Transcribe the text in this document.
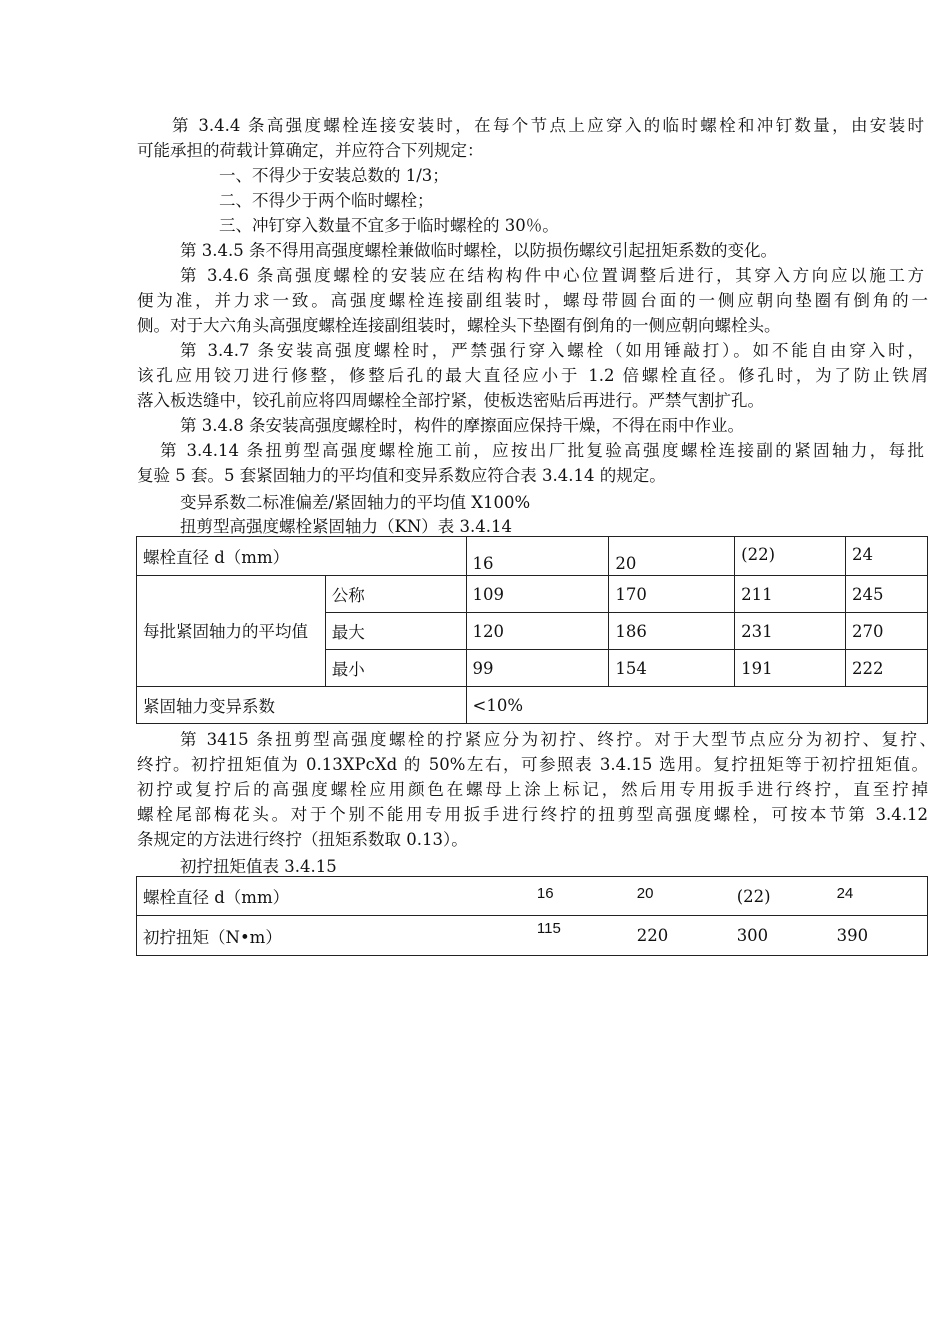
第 3.4.4 条高强度螺栓连接安装时，在每个节点上应穿入的临时螺栓和冲钉数量，由安装时

可能承担的荷载计算确定，并应符合下列规定：

一、不得少于安装总数的 1/3；

二、不得少于两个临时螺栓；

三、冲钉穿入数量不宜多于临时螺栓的 30％。

第 3.4.5 条不得用高强度螺栓兼做临时螺栓，以防损伤螺纹引起扭矩系数的变化。

第 3.4.6 条高强度螺栓的安装应在结构构件中心位置调整后进行，其穿入方向应以施工方

便为准，并力求一致。高强度螺栓连接副组装时，螺母带圆台面的一侧应朝向垫圈有倒角的一

侧。对于大六角头高强度螺栓连接副组装时，螺栓头下垫圈有倒角的一侧应朝向螺栓头。

第 3.4.7 条安装高强度螺栓时，严禁强行穿入螺栓（如用锤敲打）。如不能自由穿入时，

该孔应用铰刀进行修整，修整后孔的最大直径应小于 1.2 倍螺栓直径。修孔时，为了防止铁屑

落入板迭缝中，铰孔前应将四周螺栓全部拧紧，使板迭密贴后再进行。严禁气割扩孔。

第 3.4.8 条安装高强度螺栓时，构件的摩擦面应保持干燥，不得在雨中作业。

第 3.4.14 条扭剪型高强度螺栓施工前，应按出厂批复验高强度螺栓连接副的紧固轴力，每批

复验 5 套。5 套紧固轴力的平均值和变异系数应符合表 3.4.14 的规定。

变异系数二标准偏差/紧固轴力的平均值 X100%

扭剪型高强度螺栓紧固轴力（KN）表 3.4.14

螺栓直径 d（mm）		16	20	(22)	24
每批紧固轴力的平均值	公称	109	170	211	245
	最大	120	186	231	270
	最小	99	154	191	222
紧固轴力变异系数		<10%			

第 3415 条扭剪型高强度螺栓的拧紧应分为初拧、终拧。对于大型节点应分为初拧、复拧、

终拧。初拧扭矩值为 0.13XPcXd 的 50%左右，可参照表 3.4.15 选用。复拧扭矩等于初拧扭矩值。

初拧或复拧后的高强度螺栓应用颜色在螺母上涂上标记，然后用专用扳手进行终拧，直至拧掉

螺栓尾部梅花头。对于个别不能用专用扳手进行终拧的扭剪型高强度螺栓，可按本节第 3.4.12

条规定的方法进行终拧（扭矩系数取 0.13）。

初拧扭矩值表 3.4.15

螺栓直径 d（mm）	16	20	(22)	24
初拧扭矩（N•m）	115	220	300	390
